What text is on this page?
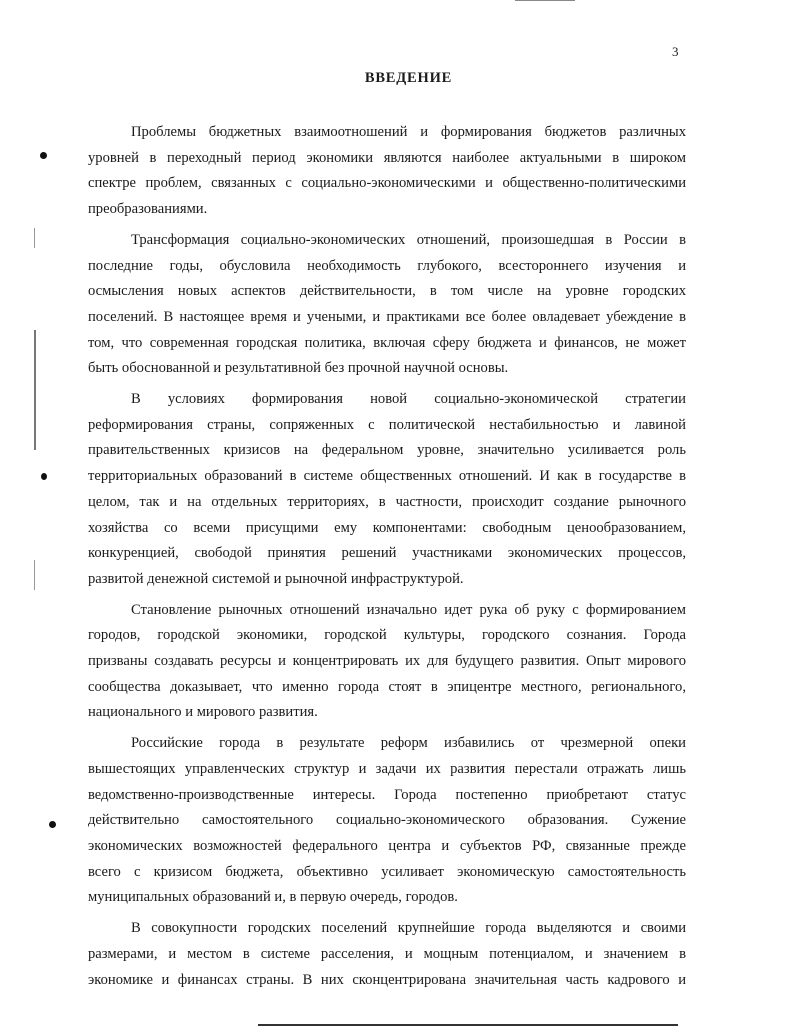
3
ВВЕДЕНИЕ
Проблемы бюджетных взаимоотношений и формирования бюджетов различных
уровней в переходный период экономики являются наиболее актуальными в широком
спектре проблем, связанных с социально-экономическими и общественно-политическими
преобразованиями.
Трансформация социально-экономических отношений, произошедшая в России в
последние годы, обусловила необходимость глубокого, всестороннего изучения и
осмысления новых аспектов действительности, в том числе на уровне городских
поселений. В настоящее время и учеными, и практиками все более овладевает убеждение в
том, что современная городская политика, включая сферу бюджета и финансов, не может
быть обоснованной и результативной без прочной научной основы.
В условиях формирования новой социально-экономической стратегии
реформирования страны, сопряженных с политической нестабильностью и лавиной
правительственных кризисов на федеральном уровне, значительно усиливается роль
территориальных образований в системе общественных отношений. И как в государстве в
целом, так и на отдельных территориях, в частности, происходит создание рыночного
хозяйства со всеми присущими ему компонентами: свободным ценообразованием,
конкуренцией, свободой принятия решений участниками экономических процессов,
развитой денежной системой и рыночной инфраструктурой.
Становление рыночных отношений изначально идет рука об руку с формированием
городов, городской экономики, городской культуры, городского сознания. Города
призваны создавать ресурсы и концентрировать их для будущего развития. Опыт мирового
сообщества доказывает, что именно города стоят в эпицентре местного, регионального,
национального и мирового развития.
Российские города в результате реформ избавились от чрезмерной опеки
вышестоящих управленческих структур и задачи их развития перестали отражать лишь
ведомственно-производственные интересы. Города постепенно приобретают статус
действительно самостоятельного социально-экономического образования. Сужение
экономических возможностей федерального центра и субъектов РФ, связанные прежде
всего с кризисом бюджета, объективно усиливает экономическую самостоятельность
муниципальных образований и, в первую очередь, городов.
В совокупности городских поселений крупнейшие города выделяются и своими
размерами, и местом в системе расселения, и мощным потенциалом, и значением в
экономике и финансах страны. В них сконцентрирована значительная часть кадрового и
